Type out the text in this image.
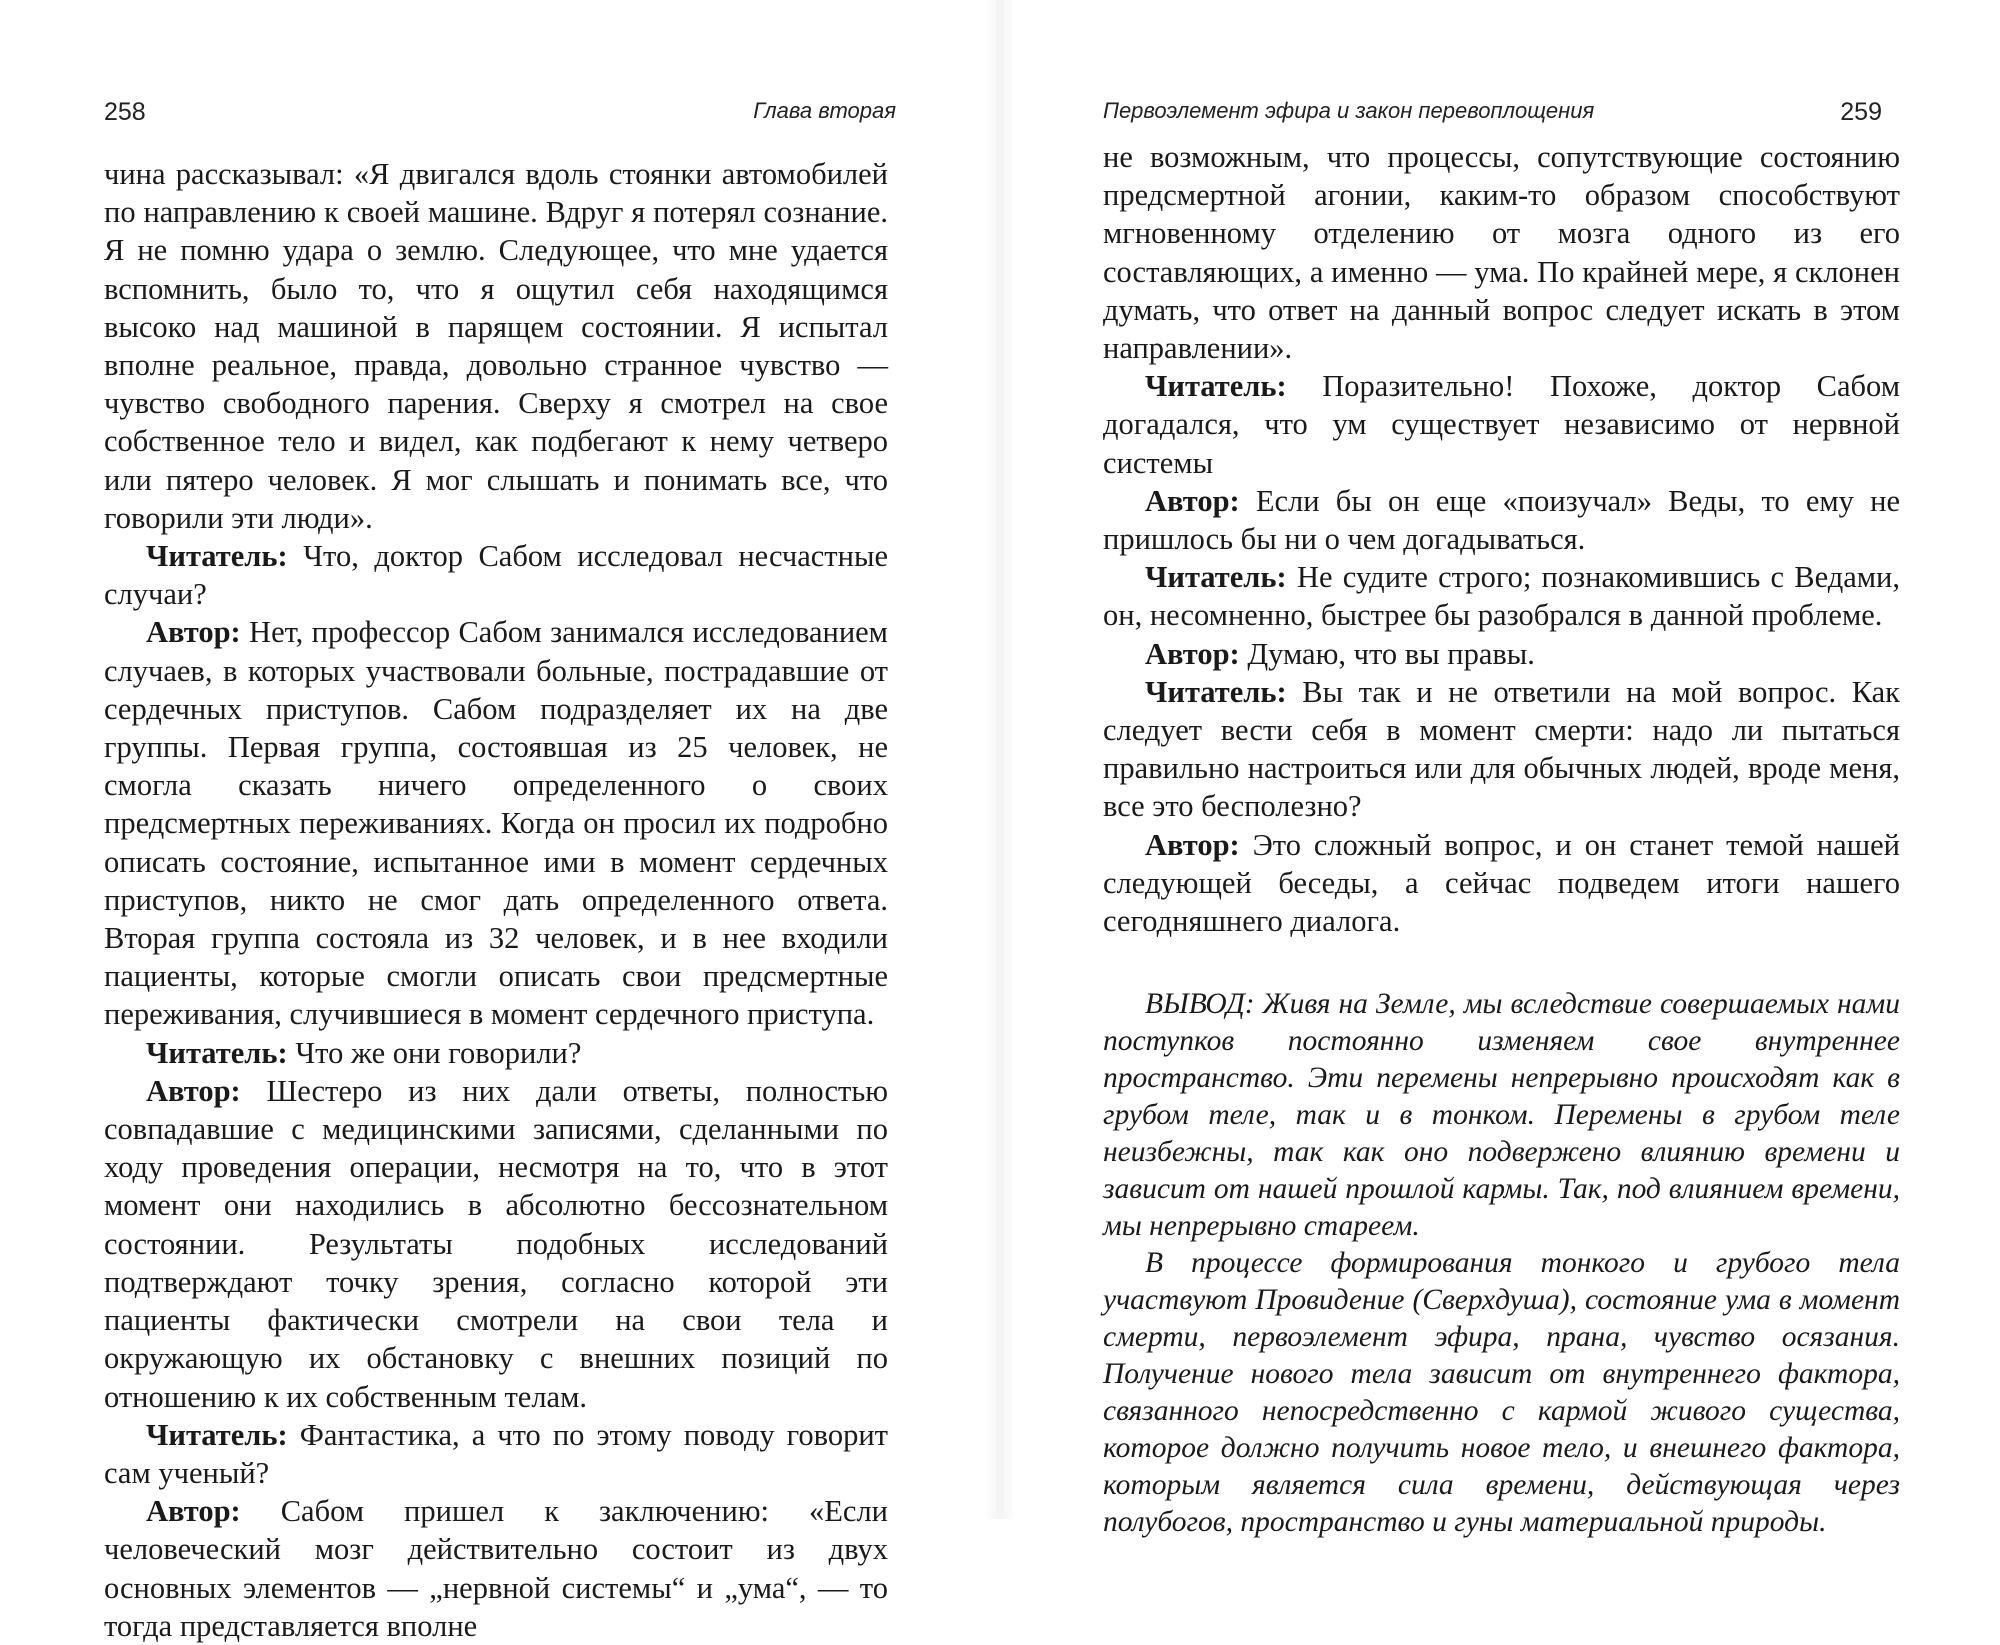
258	Глава вторая

чина рассказывал: «Я двигался вдоль стоянки автомобилей по направлению к своей машине. Вдруг я потерял сознание. Я не помню удара о землю. Следующее, что мне удается вспомнить, было то, что я ощутил себя находящимся высоко над машиной в парящем состоянии. Я испытал вполне реальное, правда, довольно странное чувство — чувство свободного парения. Сверху я смотрел на свое собственное тело и видел, как подбегают к нему четверо или пятеро человек. Я мог слышать и понимать все, что говорили эти люди».

Читатель: Что, доктор Сабом исследовал несчастные случаи?

Автор: Нет, профессор Сабом занимался исследованием случаев, в которых участвовали больные, пострадавшие от сердечных приступов. Сабом подразделяет их на две группы. Первая группа, состоявшая из 25 человек, не смогла сказать ничего определенного о своих предсмертных переживаниях. Когда он просил их подробно описать состояние, испытанное ими в момент сердечных приступов, никто не смог дать определенного ответа. Вторая группа состояла из 32 человек, и в нее входили пациенты, которые смогли описать свои предсмертные переживания, случившиеся в момент сердечного приступа.

Читатель: Что же они говорили?

Автор: Шестеро из них дали ответы, полностью совпадавшие с медицинскими записями, сделанными по ходу проведения операции, несмотря на то, что в этот момент они находились в абсолютно бессознательном состоянии. Результаты подобных исследований подтверждают точку зрения, согласно которой эти пациенты фактически смотрели на свои тела и окружающую их обстановку с внешних позиций по отношению к их собственным телам.

Читатель: Фантастика, а что по этому поводу говорит сам ученый?

Автор: Сабом пришел к заключению: «Если человеческий мозг действительно состоит из двух основных элементов — „нервной системы“ и „ума“, — то тогда представляется вполне

Первоэлемент эфира и закон перевоплощения	259

не возможным, что процессы, сопутствующие состоянию предсмертной агонии, каким-то образом способствуют мгновенному отделению от мозга одного из его составляющих, а именно — ума. По крайней мере, я склонен думать, что ответ на данный вопрос следует искать в этом направлении».

Читатель: Поразительно! Похоже, доктор Сабом догадался, что ум существует независимо от нервной системы

Автор: Если бы он еще «поизучал» Веды, то ему не пришлось бы ни о чем догадываться.

Читатель: Не судите строго; познакомившись с Ведами, он, несомненно, быстрее бы разобрался в данной проблеме.

Автор: Думаю, что вы правы.

Читатель: Вы так и не ответили на мой вопрос. Как следует вести себя в момент смерти: надо ли пытаться правильно настроиться или для обычных людей, вроде меня, все это бесполезно?

Автор: Это сложный вопрос, и он станет темой нашей следующей беседы, а сейчас подведем итоги нашего сегодняшнего диалога.

ВЫВОД: Живя на Земле, мы вследствие совершаемых нами поступков постоянно изменяем свое внутреннее пространство. Эти перемены непрерывно происходят как в грубом теле, так и в тонком. Перемены в грубом теле неизбежны, так как оно подвержено влиянию времени и зависит от нашей прошлой кармы. Так, под влиянием времени, мы непрерывно стареем.

В процессе формирования тонкого и грубого тела участвуют Провидение (Сверхдуша), состояние ума в момент смерти, первоэлемент эфира, прана, чувство осязания. Получение нового тела зависит от внутреннего фактора, связанного непосредственно с кармой живого существа, которое должно получить новое тело, и внешнего фактора, которым является сила времени, действующая через полубогов, пространство и гуны материальной природы.
